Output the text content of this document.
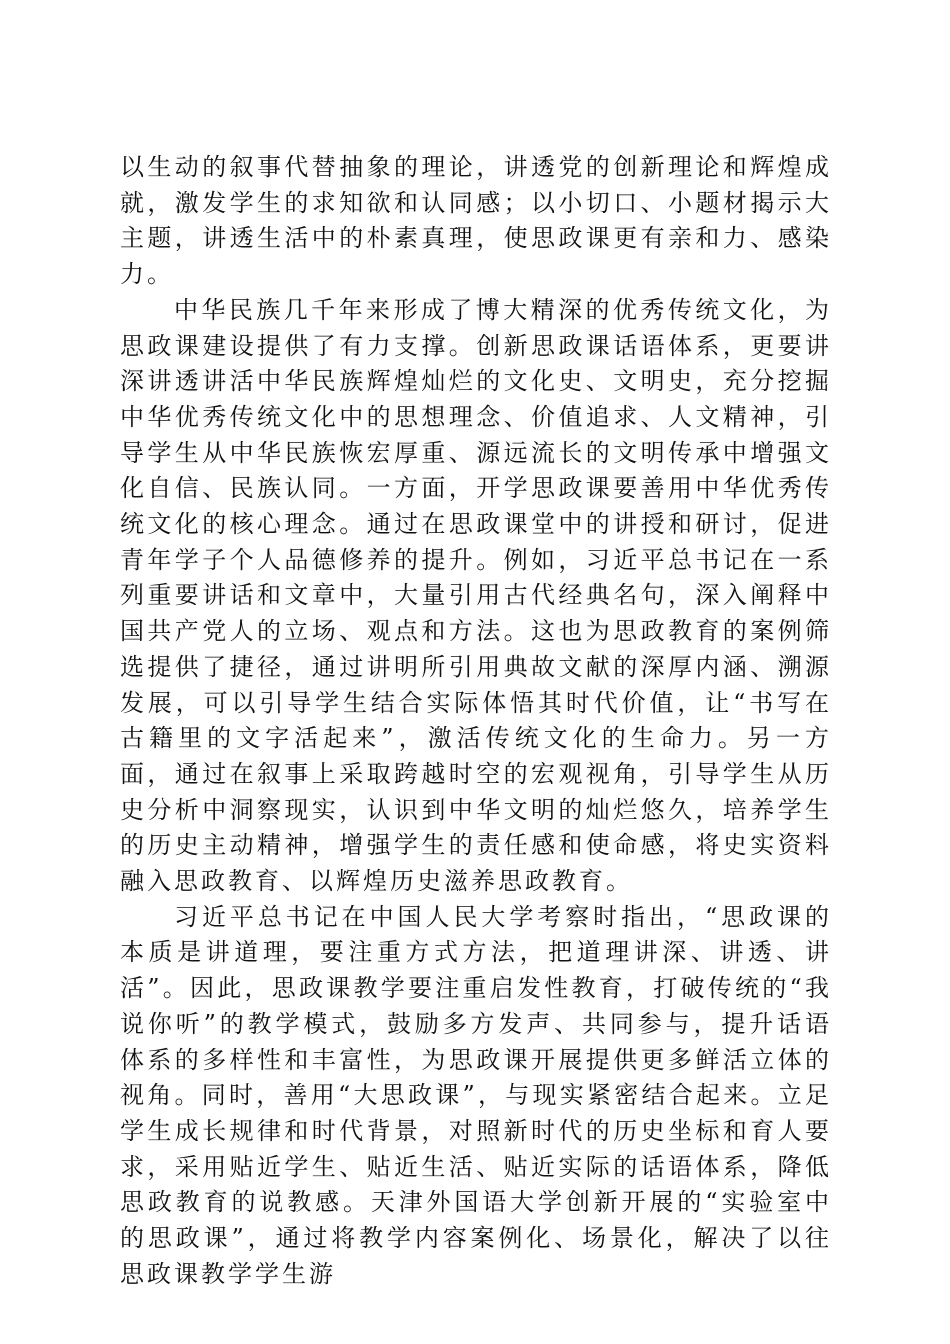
以生动的叙事代替抽象的理论，讲透党的创新理论和辉煌成就，激发学生的求知欲和认同感；以小切口、小题材揭示大主题，讲透生活中的朴素真理，使思政课更有亲和力、感染力。

中华民族几千年来形成了博大精深的优秀传统文化，为思政课建设提供了有力支撑。创新思政课话语体系，更要讲深讲透讲活中华民族辉煌灿烂的文化史、文明史，充分挖掘中华优秀传统文化中的思想理念、价值追求、人文精神，引导学生从中华民族恢宏厚重、源远流长的文明传承中增强文化自信、民族认同。一方面，开学思政课要善用中华优秀传统文化的核心理念。通过在思政课堂中的讲授和研讨，促进青年学子个人品德修养的提升。例如，习近平总书记在一系列重要讲话和文章中，大量引用古代经典名句，深入阐释中国共产党人的立场、观点和方法。这也为思政教育的案例筛选提供了捷径，通过讲明所引用典故文献的深厚内涵、溯源发展，可以引导学生结合实际体悟其时代价值，让“书写在古籍里的文字活起来”，激活传统文化的生命力。另一方面，通过在叙事上采取跨越时空的宏观视角，引导学生从历史分析中洞察现实，认识到中华文明的灿烂悠久，培养学生的历史主动精神，增强学生的责任感和使命感，将史实资料融入思政教育、以辉煌历史滋养思政教育。

习近平总书记在中国人民大学考察时指出，“思政课的本质是讲道理，要注重方式方法，把道理讲深、讲透、讲活”。因此，思政课教学要注重启发性教育，打破传统的“我说你听”的教学模式，鼓励多方发声、共同参与，提升话语体系的多样性和丰富性，为思政课开展提供更多鲜活立体的视角。同时，善用“大思政课”，与现实紧密结合起来。立足学生成长规律和时代背景，对照新时代的历史坐标和育人要求，采用贴近学生、贴近生活、贴近实际的话语体系，降低思政教育的说教感。天津外国语大学创新开展的“实验室中的思政课”，通过将教学内容案例化、场景化，解决了以往思政课教学学生游
